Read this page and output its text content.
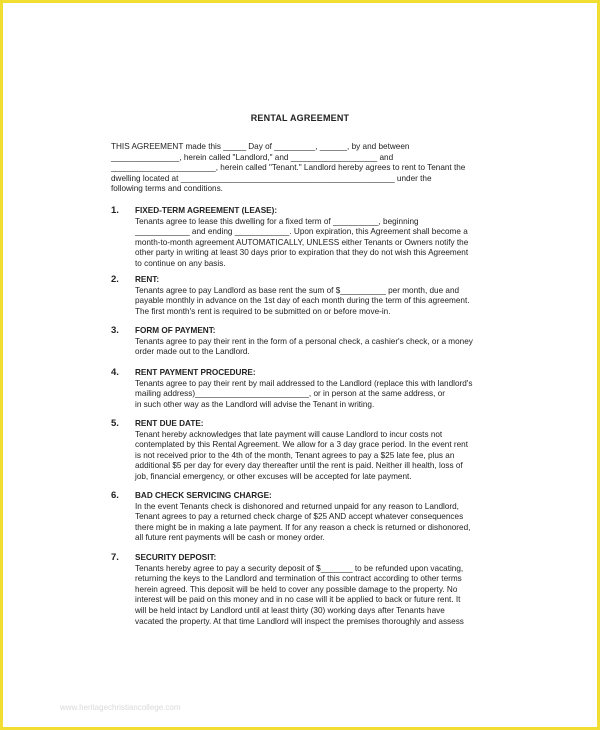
RENTAL AGREEMENT

THIS AGREEMENT made this _____ Day of _________, ______, by and between

_______________, herein called "Landlord," and ___________________ and

_______________________, herein called "Tenant." Landlord hereby agrees to rent to Tenant the

dwelling located at _______________________________________________ under the

following terms and conditions.

1. FIXED-TERM AGREEMENT (LEASE):

Tenants agree to lease this dwelling for a fixed term of __________, beginning

____________ and ending ____________. Upon expiration, this Agreement shall become a

month-to-month agreement AUTOMATICALLY, UNLESS either Tenants or Owners notify the

other party in writing at least 30 days prior to expiration that they do not wish this Agreement

to continue on any basis.

2. RENT:

Tenants agree to pay Landlord as base rent the sum of $__________ per month, due and

payable monthly in advance on the 1st day of each month during the term of this agreement.

The first month's rent is required to be submitted on or before move-in.

3. FORM OF PAYMENT:

Tenants agree to pay their rent in the form of a personal check, a cashier's check, or a money

order made out to the Landlord.

4. RENT PAYMENT PROCEDURE:

Tenants agree to pay their rent by mail addressed to the Landlord (replace this with landlord's

mailing address)_________________________, or in person at the same address, or

in such other way as the Landlord will advise the Tenant in writing.

5. RENT DUE DATE:

Tenant hereby acknowledges that late payment will cause Landlord to incur costs not

contemplated by this Rental Agreement. We allow for a 3 day grace period. In the event rent

is not received prior to the 4th of the month, Tenant agrees to pay a $25 late fee, plus an

additional $5 per day for every day thereafter until the rent is paid. Neither ill health, loss of

job, financial emergency, or other excuses will be accepted for late payment.

6. BAD CHECK SERVICING CHARGE:

In the event Tenants check is dishonored and returned unpaid for any reason to Landlord,

Tenant agrees to pay a returned check charge of $25 AND accept whatever consequences

there might be in making a late payment. If for any reason a check is returned or dishonored,

all future rent payments will be cash or money order.

7. SECURITY DEPOSIT:

Tenants hereby agree to pay a security deposit of $_______ to be refunded upon vacating,

returning the keys to the Landlord and termination of this contract according to other terms

herein agreed. This deposit will be held to cover any possible damage to the property. No

interest will be paid on this money and in no case will it be applied to back or future rent. It

will be held intact by Landlord until at least thirty (30) working days after Tenants have

vacated the property. At that time Landlord will inspect the premises thoroughly and assess

www.heritagechristiancollege.com
